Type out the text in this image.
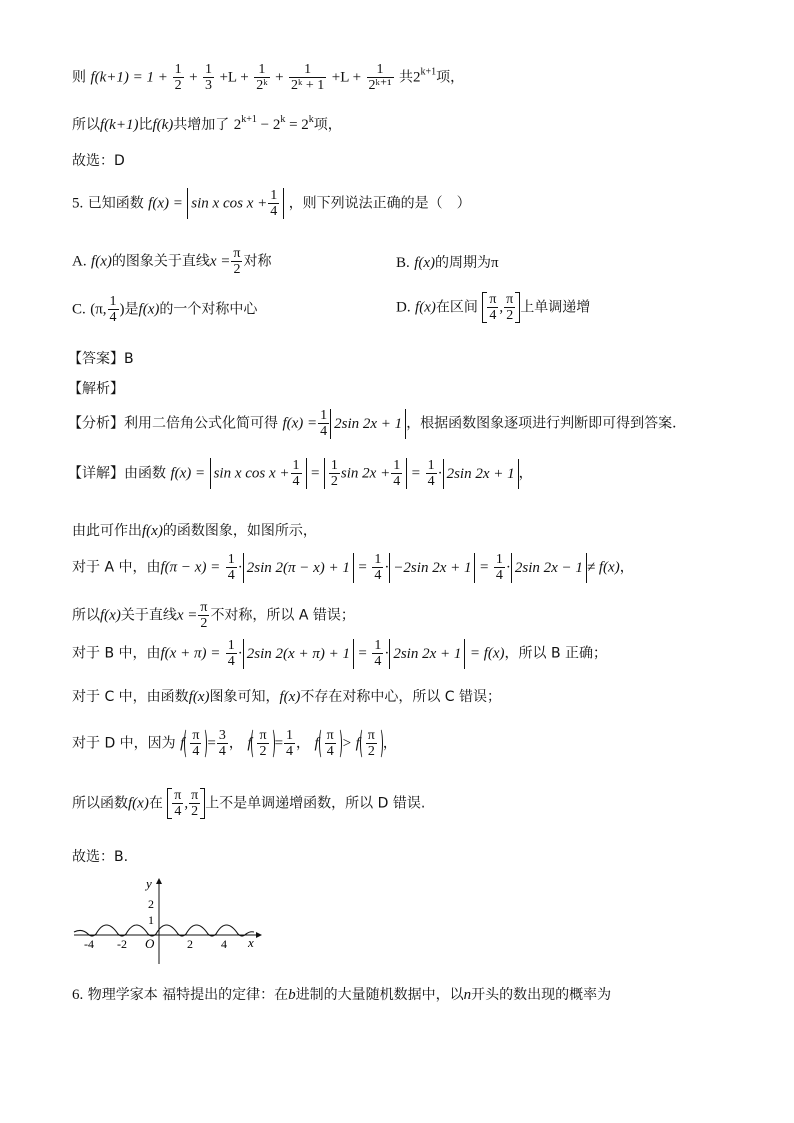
则 $f(k+1) = 1 + \frac{1}{2} + \frac{1}{3} +L + \frac{1}{\text{2ᵏ}} + \frac{1}{\text{2ᵏ + 1}} +L + \frac{1}{\text{2ᵏ⁺¹}}$ 共$2^{k+1}$项，
所以f(k+1)比f(k)共增加了 $2^{k+1} - 2^k = 2^k$项，
故选：D
5. 已知函数 f(x) = sin x $\cos x + \frac{1}{4}$ ，则下列说法正确的是（　）
A. f(x)的图象关于直线$x = \frac{\pi}{2}$ 对称	B. f(x)的周期为π
C. (π, $\frac{1}{4}$ )是f(x)的一个对称中心	D. f(x)在区间 $\frac{\pi}{4}$ , $\frac{\pi}{2}$ 上单调递增
【答案】B
【解析】
【分析】利用二倍角公式化简可得 $f(x) = \frac{1}{4} 2\sin$ 2x + 1 ，根据函数图象逐项进行判断即可得到答案．
【详解】由函数 f(x) = sin x $\cos x + \frac{1}{4} = \frac{1}{2}$ $\sin 2x + \frac{1}{4} = \frac{1}{4} \cdot 2\sin$ 2x + 1 ，
由此可作出f(x)的函数图象，如图所示，
对于 A 中，由$f(\pi - x) = \frac{1}{4} \cdot 2\sin$ $2(\pi - x) + 1 = \frac{1}{4} \cdot -2\sin$ $2x + 1 = \frac{1}{4} \cdot 2\sin$ 2x − 1 ≠ f(x)，
所以f(x)关于直线$x = \frac{\pi}{2}$ 不对称，所以 A 错误；
对于 B 中，由$f(x + \pi) = \frac{1}{4} \cdot 2\sin$ $2(x + \pi) + 1 = \frac{1}{4} \cdot 2\sin$ 2x + 1 = f(x)，所以 B 正确；
对于 C 中，由函数f(x)图象可知，f(x)不存在对称中心，所以 C 错误；
对于 D 中，因为 f $\frac{\pi}{4} = \frac{3}{4}$ ， f $\frac{\pi}{2} = \frac{1}{4}$ ， f $\frac{\pi}{4} > f \frac{\pi}{2}$ ，
所以函数f(x)在 $\frac{\pi}{4}$ , $\frac{\pi}{2}$ 上不是单调递增函数，所以 D 错误.
故选：B.
y
x
O
2
1
-4 -2	2 4
6. 物理学家本 福特提出的定律：在b进制的大量随机数据中，以n开头的数出现的概率为
